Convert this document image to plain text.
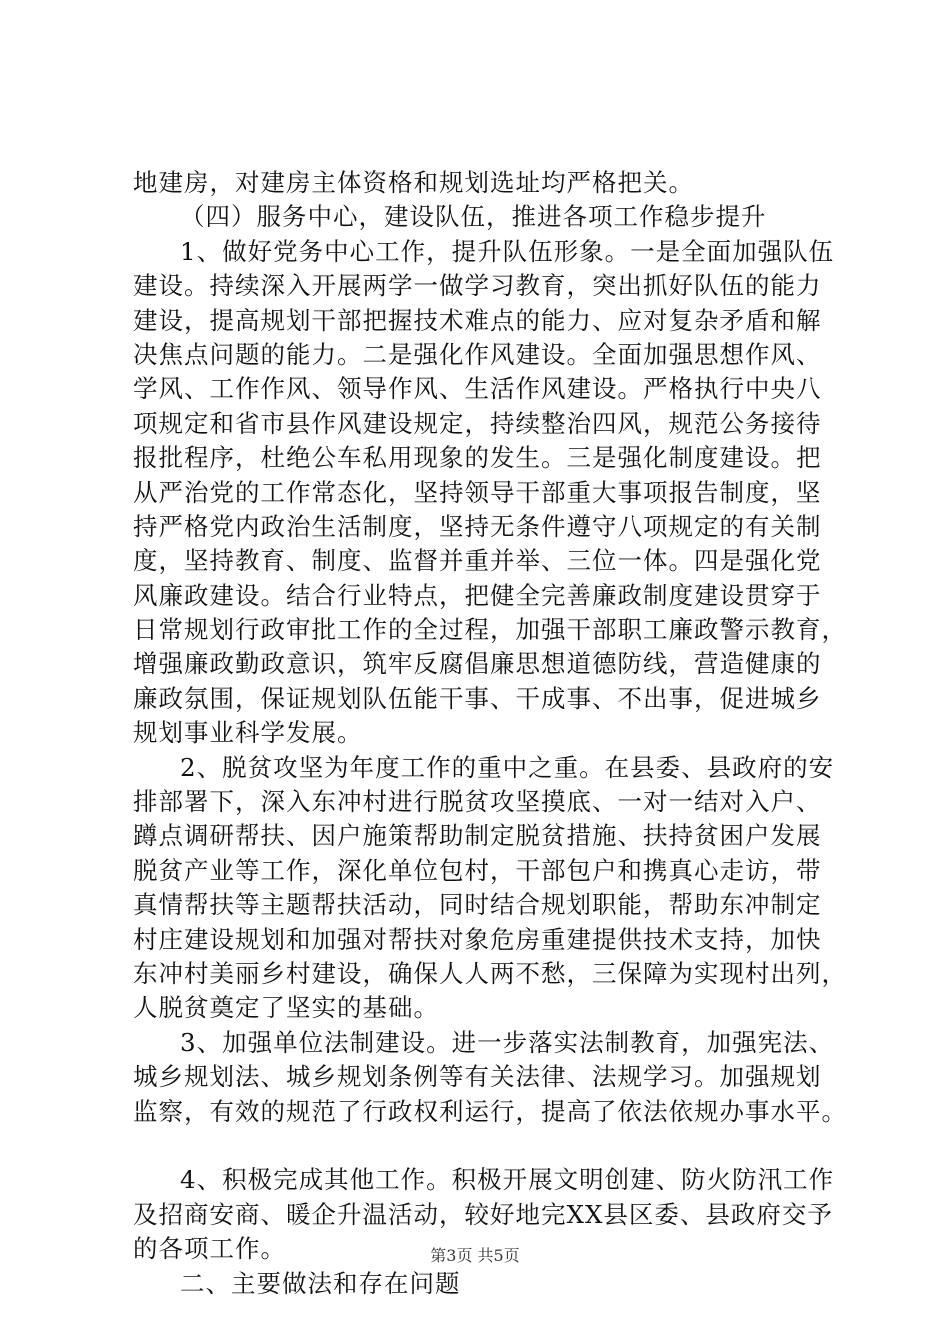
地建房，对建房主体资格和规划选址均严格把关。
（四）服务中心，建设队伍，推进各项工作稳步提升
1、做好党务中心工作，提升队伍形象。一是全面加强队伍
建设。持续深入开展两学一做学习教育，突出抓好队伍的能力
建设，提高规划干部把握技术难点的能力、应对复杂矛盾和解
决焦点问题的能力。二是强化作风建设。全面加强思想作风、
学风、工作作风、领导作风、生活作风建设。严格执行中央八
项规定和省市县作风建设规定，持续整治四风，规范公务接待
报批程序，杜绝公车私用现象的发生。三是强化制度建设。把
从严治党的工作常态化，坚持领导干部重大事项报告制度，坚
持严格党内政治生活制度，坚持无条件遵守八项规定的有关制
度，坚持教育、制度、监督并重并举、三位一体。四是强化党
风廉政建设。结合行业特点，把健全完善廉政制度建设贯穿于
日常规划行政审批工作的全过程，加强干部职工廉政警示教育，
增强廉政勤政意识，筑牢反腐倡廉思想道德防线，营造健康的
廉政氛围，保证规划队伍能干事、干成事、不出事，促进城乡
规划事业科学发展。
2、脱贫攻坚为年度工作的重中之重。在县委、县政府的安
排部署下，深入东冲村进行脱贫攻坚摸底、一对一结对入户、
蹲点调研帮扶、因户施策帮助制定脱贫措施、扶持贫困户发展
脱贫产业等工作，深化单位包村，干部包户和携真心走访，带
真情帮扶等主题帮扶活动，同时结合规划职能，帮助东冲制定
村庄建设规划和加强对帮扶对象危房重建提供技术支持，加快
东冲村美丽乡村建设，确保人人两不愁，三保障为实现村出列，
人脱贫奠定了坚实的基础。
3、加强单位法制建设。进一步落实法制教育，加强宪法、
城乡规划法、城乡规划条例等有关法律、法规学习。加强规划
监察，有效的规范了行政权利运行，提高了依法依规办事水平。
4、积极完成其他工作。积极开展文明创建、防火防汛工作
及招商安商、暖企升温活动，较好地完XX县区委、县政府交予
的各项工作。
二、主要做法和存在问题
第3页 共5页
